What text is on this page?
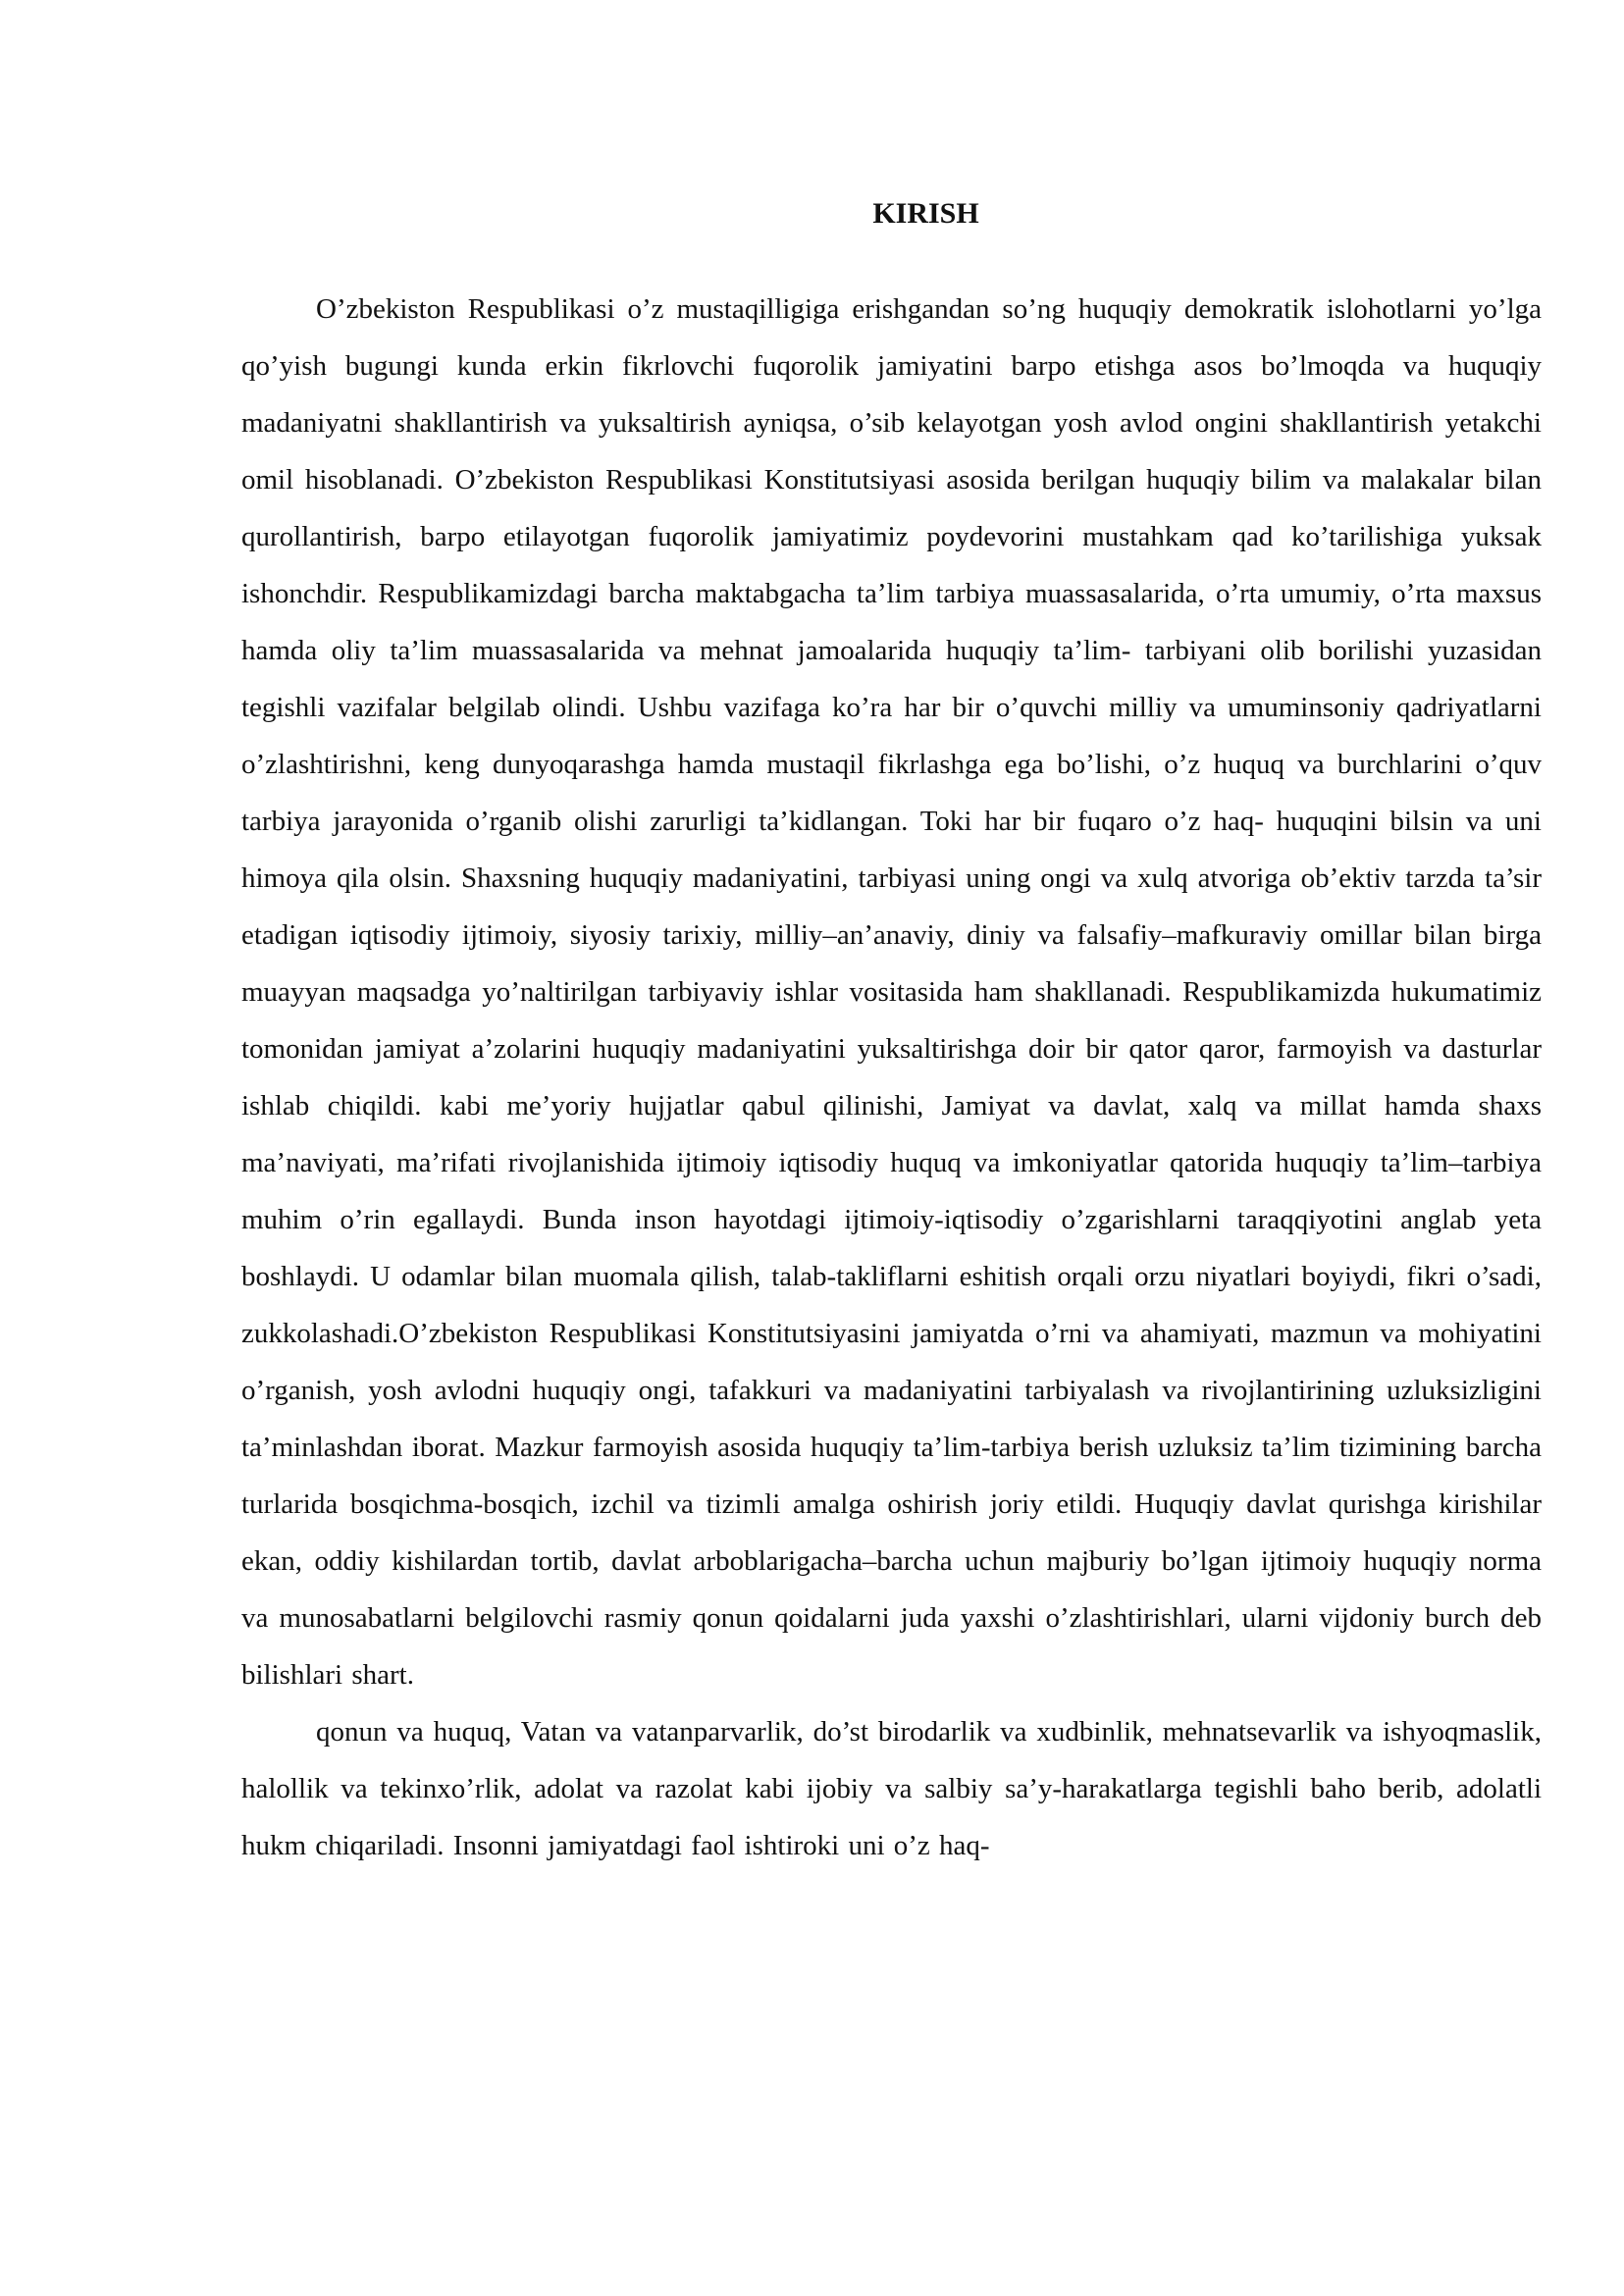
KIRISH

O’zbekiston Respublikasi o’z mustaqilligiga erishgandan so’ng huquqiy demokratik islohotlarni yo’lga qo’yish bugungi kunda erkin fikrlovchi fuqorolik jamiyatini barpo etishga asos bo’lmoqda va huquqiy madaniyatni shakllantirish va yuksaltirish ayniqsa, o’sib kelayotgan yosh avlod ongini shakllantirish yetakchi omil hisoblanadi. O’zbekiston Respublikasi Konstitutsiyasi asosida berilgan huquqiy bilim va malakalar bilan qurollantirish, barpo etilayotgan fuqorolik jamiyatimiz poydevorini mustahkam qad ko’tarilishiga yuksak ishonchdir. Respublikamizdagi barcha maktabgacha ta’lim tarbiya muassasalarida, o’rta umumiy, o’rta maxsus hamda oliy ta’lim muassasalarida va mehnat jamoalarida huquqiy ta’lim- tarbiyani olib borilishi yuzasidan tegishli vazifalar belgilab olindi. Ushbu vazifaga ko’ra har bir o’quvchi milliy va umuminsoniy qadriyatlarni o’zlashtirishni, keng dunyoqarashga hamda mustaqil fikrlashga ega bo’lishi, o’z huquq va burchlarini o’quv tarbiya jarayonida o’rganib olishi zarurligi ta’kidlangan. Toki har bir fuqaro o’z haq- huquqini bilsin va uni himoya qila olsin. Shaxsning huquqiy madaniyatini, tarbiyasi uning ongi va xulq atvoriga ob’ektiv tarzda ta’sir etadigan iqtisodiy ijtimoiy, siyosiy tarixiy, milliy–an’anaviy, diniy va falsafiy–mafkuraviy omillar bilan birga muayyan maqsadga yo’naltirilgan tarbiyaviy ishlar vositasida ham shakllanadi. Respublikamizda hukumatimiz tomonidan jamiyat a’zolarini huquqiy madaniyatini yuksaltirishga doir bir qator qaror, farmoyish va dasturlar ishlab chiqildi. kabi me’yoriy hujjatlar qabul qilinishi, Jamiyat va davlat, xalq va millat hamda shaxs ma’naviyati, ma’rifati rivojlanishida ijtimoiy iqtisodiy huquq va imkoniyatlar qatorida huquqiy ta’lim–tarbiya muhim o’rin egallaydi. Bunda inson hayotdagi ijtimoiy-iqtisodiy o’zgarishlarni taraqqiyotini anglab yeta boshlaydi. U odamlar bilan muomala qilish, talab-takliflarni eshitish orqali orzu niyatlari boyiydi, fikri o’sadi, zukkolashadi.O’zbekiston Respublikasi Konstitutsiyasini jamiyatda o’rni va ahamiyati, mazmun va mohiyatini o’rganish, yosh avlodni huquqiy ongi, tafakkuri va madaniyatini tarbiyalash va rivojlantirining uzluksizligini ta’minlashdan iborat. Mazkur farmoyish asosida huquqiy ta’lim-tarbiya berish uzluksiz ta’lim tizimining barcha turlarida bosqichma-bosqich, izchil va tizimli amalga oshirish joriy etildi. Huquqiy davlat qurishga kirishilar ekan, oddiy kishilardan tortib, davlat arboblarigacha–barcha uchun majburiy bo’lgan ijtimoiy huquqiy norma va munosabatlarni belgilovchi rasmiy qonun qoidalarni juda yaxshi o’zlashtirishlari, ularni vijdoniy burch deb bilishlari shart.

qonun va huquq, Vatan va vatanparvarlik, do’st birodarlik va xudbinlik, mehnatsevarlik va ishyoqmaslik, halollik va tekinxo’rlik, adolat va razolat kabi ijobiy va salbiy sa’y-harakatlarga tegishli baho berib, adolatli hukm chiqariladi. Insonni jamiyatdagi faol ishtiroki uni o’z haq-
